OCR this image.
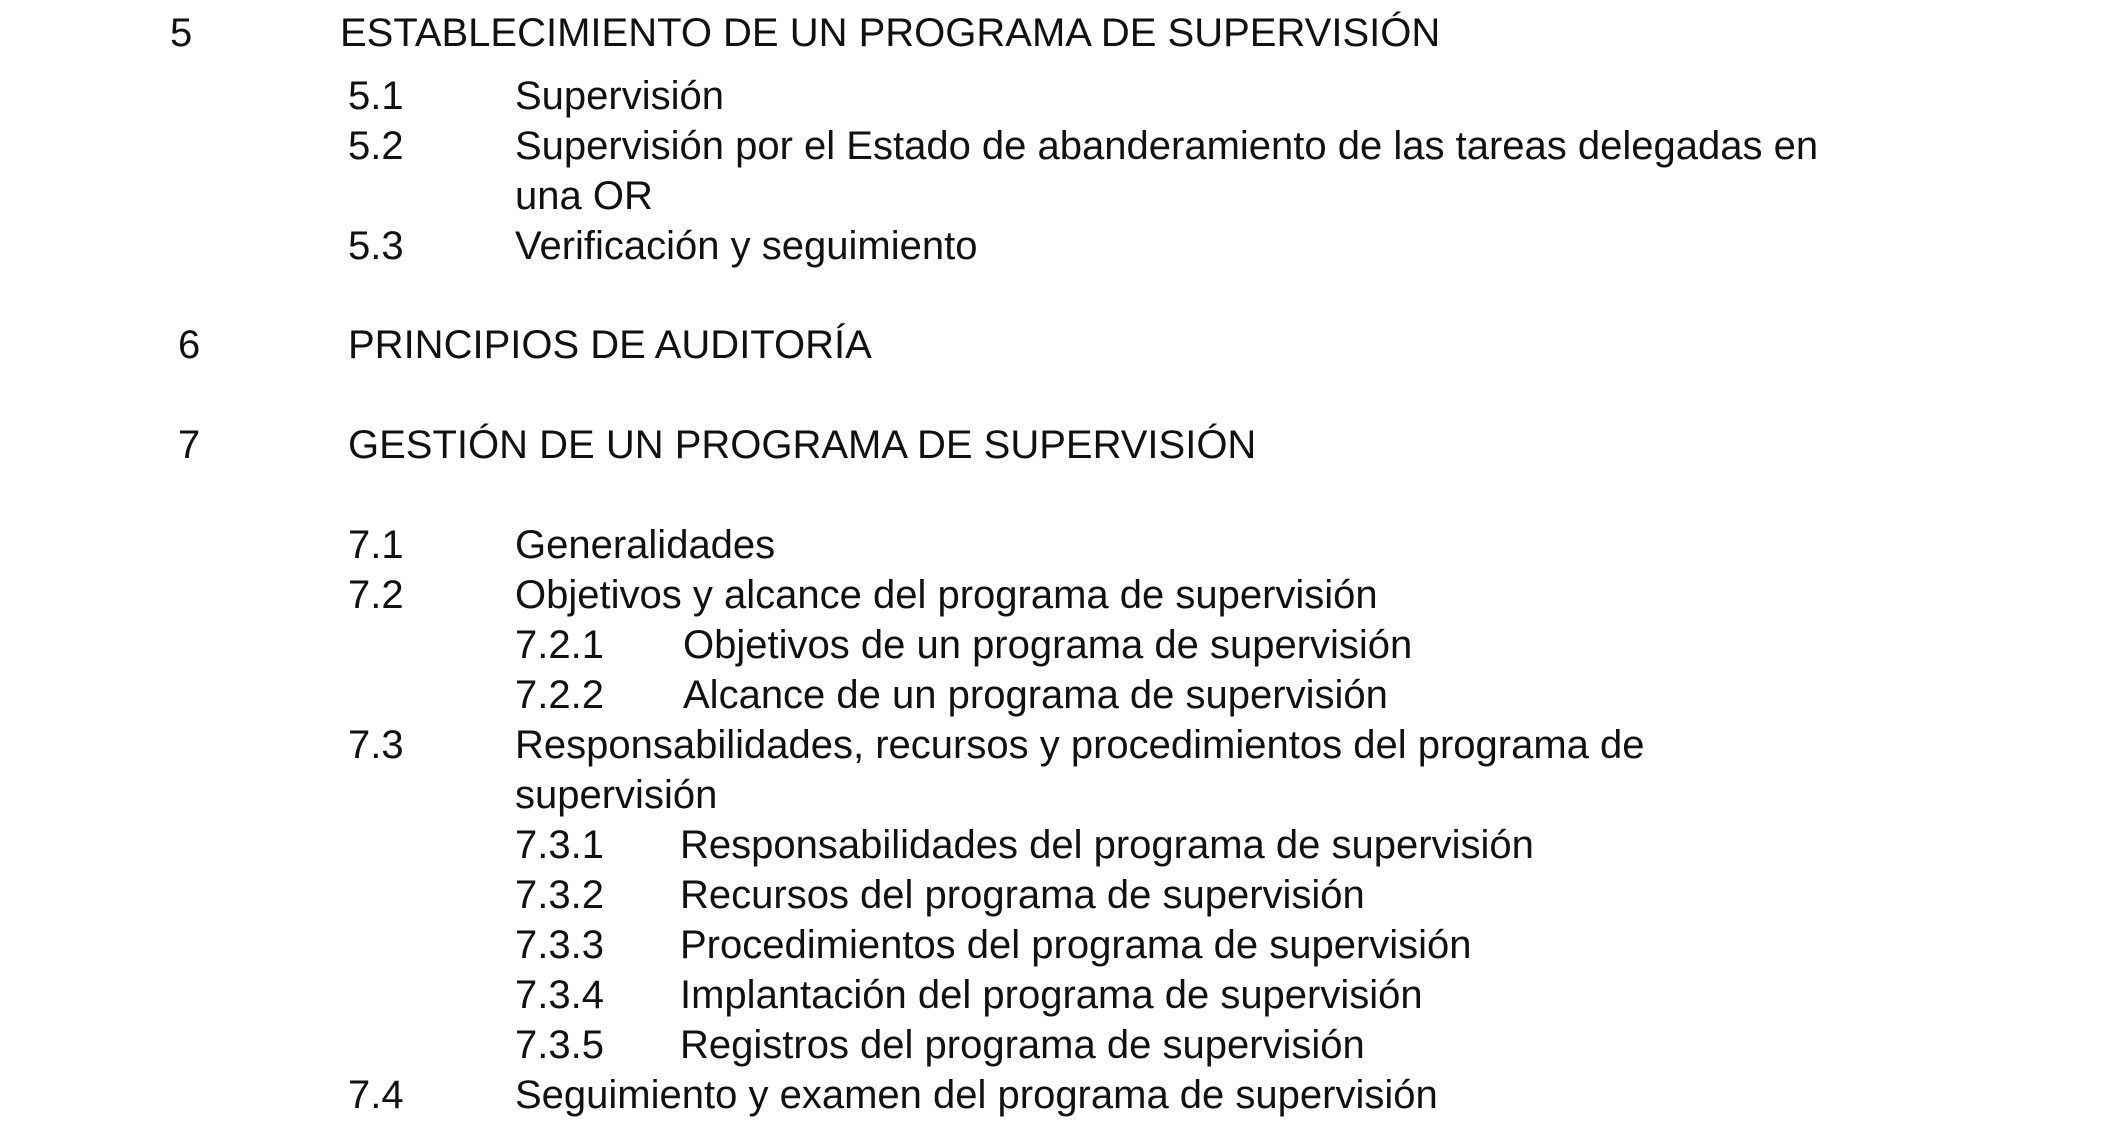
5	ESTABLECIMIENTO DE UN PROGRAMA DE SUPERVISIÓN
5.1	Supervisión
5.2	Supervisión por el Estado de abanderamiento de las tareas delegadas en
una OR
5.3	Verificación y seguimiento
6	PRINCIPIOS DE AUDITORÍA
7	GESTIÓN DE UN PROGRAMA DE SUPERVISIÓN
7.1	Generalidades
7.2	Objetivos y alcance del programa de supervisión
7.2.1 Objetivos de un programa de supervisión
7.2.2 Alcance de un programa de supervisión
7.3	Responsabilidades, recursos y procedimientos del programa de
supervisión
7.3.1 Responsabilidades del programa de supervisión
7.3.2 Recursos del programa de supervisión
7.3.3 Procedimientos del programa de supervisión
7.3.4 Implantación del programa de supervisión
7.3.5 Registros del programa de supervisión
7.4	Seguimiento y examen del programa de supervisión
